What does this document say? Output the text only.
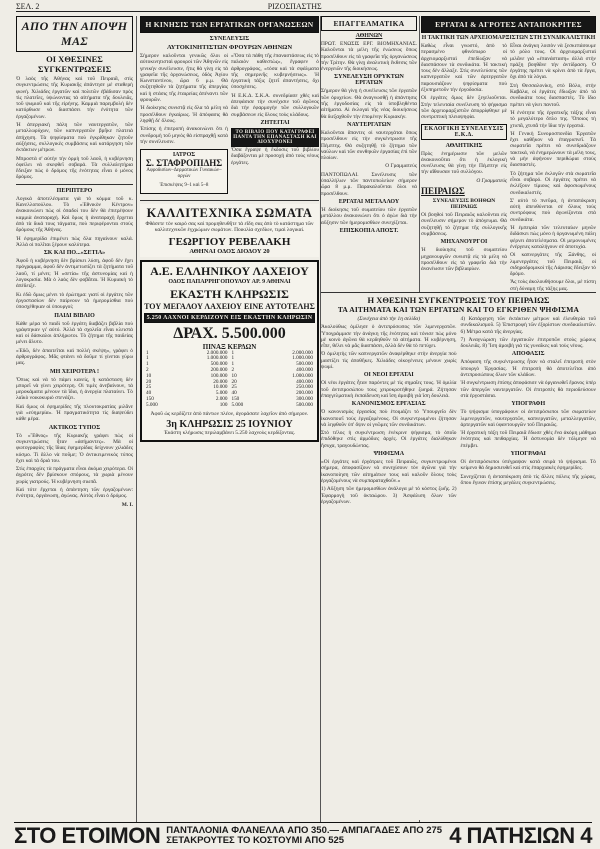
ΣΕΛ. 2	ΡΙΖΟΣΠΑΣΤΗΣ
ΑΠΟ ΤΗΝ ΑΠΟΨΗ ΜΑΣ
ΟΙ ΧΘΕΣΙΝΕΣ ΣΥΓΚΕΝΤΡΩΣΕΙΣ
Ὁ λαὸς τῆς Ἀθήνας καὶ τοῦ Πειραιᾶ, στὶς συγκεντρώσεις τῆς Κυριακῆς ἀπάντησε μὲ σταθερὴ φωνή. Χιλιάδες ἐργατῶν καὶ πολιτῶν ἐβάδισαν πρὸς τὶς πλατεῖες, ὑψώνοντας τὰ αἰτήματα τῆς δουλειᾶς, τοῦ ψωμιοῦ καὶ τῆς εἰρήνης. Καμμιὰ παρεμβολὴ δὲν κατόρθωσε νὰ διασπάσει τὴν ἑνότητα τῶν ἐργαζομένων.
Ἡ ἀπεργιακὴ πάλη τῶν ναυτεργατῶν, τῶν μεταλλωρύχων, τῶν καπνεργατῶν βρῆκε πλατειὰ ἀπήχηση. Τὰ ψηφίσματα ποὺ ἐγκρίθηκαν ζητοῦν αὐξήσεις, συλλογικὲς συμβάσεις καὶ κατάργηση τῶν ἐκτάκτων μέτρων.
Μπροστὰ σ' αὐτὴν τὴν ὁρμὴ τοῦ λαοῦ, ἡ κυβέρνηση ὀφείλει νὰ σκεφθεῖ σοβαρά. Τὰ συλλαλητήρια ἔδειξαν πὼς ὁ δρόμος τῆς ἑνότητας εἶναι ὁ μόνος δρόμος.
ΠΕΡΙΠΤΕΡΟ
Λογικὰ ἀποτελέσματα γιὰ τὸ κόμμα τοῦ κ. Κανελλοπούλου. Τὸ «Ἐθνικὸν Κέντρον» ἀνακοινώνει πὼς οἱ ὀπαδοί του δὲν θὰ ἐπιτρέψουν καμμιὰ ἀναταραχή. Καὶ ὅμως ἡ ἀναταραχὴ ἔρχεται ἀπὸ τὰ δικά τους τάγματα, ποὺ περιφέρονται στοὺς δρόμους τῆς Ἀθήνας.
Ἡ ἐφημερίδα ἐπιμένει πὼς ὅλα πηγαίνουν καλά. Ἀλλὰ οἱ πολῖται ξέρουν καλύτερα.
ΣΚ ΚΑΙ ΠΟ...«ΣΕΤΙΑ»
Ἀφοῦ ἡ κυβέρνηση δὲν βρίσκει λύση, ἀφοῦ δὲν ἔχει πρόγραμμα, ἀφοῦ δὲν ἀντιμετωπίζει τὰ ζητήματα τοῦ λαοῦ, τί μένει; Ἡ «σετία» τῆς ἀστυνομίας καὶ ἡ λογοκρισία. Μὰ ὁ λαὸς δὲν φοβᾶται. Ἡ Κυριακὴ τὸ ἀπέδειξε.
Κι ἐδῶ ὅμως μένει τὸ ἐρώτημα: γιατί οἱ ἐργάτες τῶν ἐργοστασίων δὲν παίρνουν τὰ ἡμερομίσθια ποὺ ὑποσχέθηκαν οἱ ὑπουργοί;
ΠΑΙΔΙ ΒΙΒΛΙΟ
Κάθε μέρα τὸ παιδὶ τοῦ ἐργάτη διαβάζει βιβλία ποὺ γράφτηκαν γι' αὐτό. Ἀλλὰ τὰ σχολεῖα εἶναι κλειστὰ καὶ οἱ δάσκαλοι ἀπλήρωτοι. Τὸ ζήτημα τῆς παιδείας μένει ἄλυτο.
«Ἐδῶ, δὲν ἀπαιτεῖται καὶ πολλὴ σκέψη», γράφει ὁ ἀρθρογράφος. Μᾶς φτάνει νὰ δοῦμε τί γίνεται γύρω μας.
ΜΗ ΧΕΙΡΟΤΕΡΑ !
Ὅπως καὶ νὰ τὸ πάρει κανείς, ἡ κατάσταση δὲν μπορεῖ νὰ γίνει χειρότερη. Οἱ τιμὲς ἀνεβαίνουν, τὰ μεροκάματα μένουν τὰ ἴδια, ἡ ἀνεργία πλαταίνει. Τὸ λαϊκὸ νοικοκυριὸ στενάζει.
Καὶ ὅμως οἱ ἐφημερίδες τῆς πλουτοκρατίας μιλᾶνε γιὰ «εὐημερία». Ἡ πραγματικότητα τὶς διαψεύδει κάθε μέρα.
ΑΚΤΙΚΟΣ ΤΥΠΟΣ
Τὸ «Ἔθνος» τῆς Κυριακῆς γράφει πὼς οἱ συγκεντρώσεις ἦταν «ἀσήμαντες». Μὰ οἱ φωτογραφίες τῆς ἴδιας ἐφημερίδας δείχνουν χιλιάδες κόσμο. Τί ἄλλο νὰ ποῦμε; Ὁ ἀντικειμενικὸς τύπος ἔχει καὶ τὰ ὅριά του.
Στὶς ἐπαρχίες τὰ πράγματα εἶναι ἀκόμα χειρότερα. Οἱ ἀγρότες δὲν βρίσκουν σπόρους, τὰ χωριὰ μένουν χωρὶς γιατρούς. Ἡ κυβέρνηση σιωπᾶ.
Καὶ τότε ἔρχεται ἡ ἀπάντηση τῶν ἐργαζομένων: ἑνότητα, ὀργάνωση, ἀγώνας. Αὐτὸς εἶναι ὁ δρόμος.
Μ. Ι.
Η ΚΙΝΗΣΙΣ ΤΩΝ ΕΡΓΑΤΙΚΩΝ ΟΡΓΑΝΩΣΕΩΝ
ΣΥΝΕΛΕΥΣΙΣ
ΑΥΤΟΚΙΝΗΤΙΣΤΩΝ ΦΡΟΥΡΩΝ ΑΘΗΝΩΝ
Σήμερον καλοῦνται γενικῶς ὅλοι οἱ αὐτοκινητισταὶ φρουροὶ τῶν Ἀθηνῶν εἰς γενικὴν συνέλευσιν, ἥτις θὰ γίνῃ εἰς τὰ γραφεῖα τῆς ὀργανώσεως, ὁδὸς Ἀγίου Κωνσταντίνου, ὥρα 6 μ.μ. Θὰ συζητηθοῦν τὰ ζητήματα τῆς ἀπεργίας καὶ ἡ στάσις τῆς ἑταιρείας ἀπέναντι τῶν φρουρῶν.
Ἡ διοίκησις συνιστᾷ εἰς ὅλα τὰ μέλη νὰ προσέλθουν ἐγκαίρως. Ἡ ἀπόφασις θὰ ληφθῇ δι' ὅλους.
Ἐπίσης ἡ ἐπιτροπὴ ἀνακοινώνει ὅτι ἡ συνδρομὴ τοῦ μηνὸς θὰ εἰσπραχθῇ κατὰ τὴν συνέλευσιν.
ΙΑΤΡΟΣ
Σ. ΣΤΑΦΡΟΠΙΔΗΣ
Αφροδισίων–Δερματικών Γυναικών–οργών
Ἐπισκέψεις 9–1 καὶ 5–8
«Ὅσα τὰ πάθη τῆς ἐπαναστάσεως εἰς τὸ παλαιὸν καθεστὼς», ἔγραφεν ὁ ἀρθρογράφος, «τόσα καὶ τὰ σφάλματα τῆς σημερινῆς κυβερνήσεως». Ἡ ἐργατικὴ τάξις ζητεῖ ἀπαντήσεις, ὄχι ὑποσχέσεις.
Ἡ Ε.Κ.Δ. Σ.Κ.Α. συνεδρίασε χθὲς καὶ ἀπεφάσισε τὴν συνέχισιν τοῦ ἀγῶνος διὰ τὴν ἐφαρμογὴν τῶν συλλογικῶν συμβάσεων εἰς ὅλους τοὺς κλάδους.
ΖΗΤΕΙΤΑΙ
ΤΟ ΒΙΒΛΙΟ ΠΟΥ ΚΑΤΑΓΡΑΦΕΙ ΠΑΝΤΑ ΤΗΝ ΕΠΑΝΑΣΤΑΣΗ ΚΑΙ ΔΙΟΧΥΡΟΝΕΙ
Ὅσα ἔγραψε ἡ ἔκδοσις τοῦ βιβλίου διαβάζονται μὲ προσοχή ἀπὸ τοὺς νέους ἐργάτες.
ΚΑΛΛΙΤΕΧΝΙΚΑ ΣΩΜΑΤΑ
Φθάσετε τὸν καιρὸ σας καὶ προμηθευθῆτε τὰ εἴδη σας ἀπὸ τὸ κατάστημα τῶν καλλιτεχνικῶν ἐγχρώμων σωμάτων. Ποικιλία σχεδίων, τιμαὶ λογικαί.
ΓΕΩΡΓΙΟΥ ΡΕΒΕΛΑΚΗ
ΑΘΗΝΑΙ ΟΔΟΣ ΔΙΟΔΟΥ 20
Α.Ε. ΕΛΛΗΝΙΚΟΥ ΛΑΧΕΙΟΥ
ΟΔΟΣ ΠΑΠΑΡΡΗΓΟΠΟΥΛΟΥ ΑΡ. 9 ΑΘΗΝΑΙ
ΕΚΑΣΤΗ ΚΛΗΡΩΣΙΣ
ΤΟΥ ΜΕΓΑΛΟΥ ΛΑΧΕΙΟΥ ΕΙΝΕ ΑΥΤΟΤΕΛΗΣ
5.250 ΛΑΧΝΟΙ ΚΕΡΔΙΖΟΥΝ ΕΙΣ ΕΚΑΣΤΗΝ ΚΛΗΡΩΣΙΝ
ΔΡΑΧ. 5.500.000
ΠΙΝΑΞ ΚΕΡΔΩΝ
1	2.000.000	1	2.000.000
1	1.000.000	1	1.000.000
1	500.000	1	500.000
2	200.000	2	400.000
10	100.000	10	1.000.000
20	20.000	20	400.000
25	10.000	25	250.000
40	5.000	40	200.000
150	2.000	150	300.000
5.000	100	5.000	500.000
Ἀφοῦ ὡς κερδίζετε ἀπὸ πάντων πλέον, ἀγοράσατε λαχεῖον ἀπὸ σήμερον.
3η ΚΛΗΡΩΣΙΣ 25 ΙΟΥΝΙΟΥ
Ἐκάστη κλήρωσις περιλαμβάνει 5.250 λαχνοὺς κερδίζοντας.
ΕΠΑΓΓΕΛΜΑΤΙΚΑ
ΑΘΗΝΩΝ
ΠΡΩΤ. ΕΝΩΣΙΣ ΕΡΓ. ΒΙΟΜΗΧΑΝΙΑΣ. Καλοῦνται τὰ μέλη τῆς ἑνώσεως ὅπως προσέλθουν εἰς τὰ γραφεῖα τῆς ὀργανώσεως τὴν Τρίτην. Θὰ γίνῃ ἀναλυτικὴ ἔκθεσις τῶν ἐνεργειῶν τῆς διοικήσεως.
ΣΥΝΕΛΕΥΣΗ ΟΡΥΚΤΩΝ ΕΡΓΑΤΩΝ
Σήμερον θὰ γίνῃ ἡ συνέλευσις τῶν ἐργατῶν τῶν ὀρυχείων. Θὰ ἀναγνωσθῇ ἡ ἀπάντησις τῆς ἐργοδοσίας εἰς τὰ ὑποβληθέντα αἰτήματα. Αἱ ἐκλογαὶ τῆς νέας διοικήσεως θὰ διεξαχθοῦν τὴν ἑπομένην Κυριακήν.
ΝΑΥΤΕΡΓΑΤΩΝ
Καλοῦνται ἅπαντες οἱ ναυτεργάται ὅπως προσέλθουν εἰς τὴν συγκέντρωσιν τῆς Πέμπτης. Θὰ συζητηθῇ τὸ ζήτημα τῶν ναύλων καὶ τῶν συνθηκῶν ἐργασίας ἐπὶ τῶν πλοίων.
Ο Γραμματεύς
ΠΑΝΤΟΠΩΛΑΙ. Συνέλευσις τῶν ὑπαλλήλων τῶν παντοπωλείων σήμερον ὥρα 8 μ.μ. Παρακαλοῦνται ὅλοι νὰ προσέλθουν.
ΕΡΓΑΤΑΙ ΜΕΤΑΛΛΟΥ
Ἡ διοίκησις τοῦ σωματείου τῶν ἐργατῶν μετάλλου ἀνακοινώνει ὅτι ὁ ἀγὼν διὰ τὴν αὔξησιν τῶν ἡμερομισθίων συνεχίζεται.
ΕΠΙΣΚΟΠΙΑ ΑΠΟΣΤ.
ΕΡΓΑΤΑΙ & ΑΓΡΟΤΕΣ ΑΝΤΑΠΟΚΡΙΤΕΣ
Η ΤΑΚΤΙΚΗ ΤΩΝ ΑΡΧΕΙΟΜΑΡΞΙΣΤΩΝ ΣΤΗ ΣΥΝΔΙΚΑΛΙΣΤΙΚΗ
Καθὼς εἶναι γνωστό, ἀπὸ τὸ περασμένο φθινόπωρο οἱ ἀρχειομαρξισταὶ ἐπεδίωξαν νὰ διασπάσουν τὰ συνδικάτα. Ἡ τακτική τους δὲν ἄλλαξε. Στὶς συνελεύσεις τῶν καπνεργατῶν καὶ τῶν ἀρτεργατῶν παρουσιάζουν ψηφίσματα ποὺ ἐξυπηρετοῦν τὴν ἐργοδοσία.
Οἱ ἐργάτες ὅμως δὲν ξεγελιοῦνται. Στὴν τελευταία συνέλευση τὸ ψήφισμα τῶν ἀρχειομαρξιστῶν ἀπορρίφθηκε μὲ συντριπτικὴ πλειοψηφία.
ΕΚΛΟΓΙΚΗ ΣΥΝΕΛΕΥΣΙΣ Ε.Κ.Δ.
ΑΘΛΗΤΙΚΗΣ
Πρὸς ἐνημέρωσιν τῶν μελῶν ἀνακοινοῦται ὅτι ἡ ἐκλογικὴ συνέλευσις θὰ γίνῃ τὴν Πέμπτην εἰς τὴν αἴθουσαν τοῦ συλλόγου.
Ο Γραμματεύς
ΠΕΙΡΑΙΩΣ
ΣΥΝΕΛΕΥΣΙΣ ΒΟΗΘΩΝ ΠΕΙΡΑΙΩΣ
Οἱ βοηθοὶ τοῦ Πειραιῶς καλοῦνται εἰς συνέλευσιν σήμερον τὸ ἀπόγευμα. Θὰ συζητηθῇ τὸ ζήτημα τῆς συλλογικῆς συμβάσεως.
ΜΗΧΑΝΟΥΡΓΟΙ
Ἡ διοίκησις τοῦ σωματείου μηχανουργῶν συνιστᾷ εἰς τὰ μέλη νὰ προσέλθουν εἰς τὰ γραφεῖα διὰ τὴν ἀνανέωσιν τῶν βιβλιαρίων.
Εἶναι ἀνάγκη λοιπὸν νὰ ξεσκεπάσουμε τὸ ρόλο τους. Οἱ ἀρχειομαρξισταὶ μιλᾶνε γιὰ «ἐπανάσταση» ἀλλὰ στὴν πράξη βοηθᾶνε τὴν ἀντίδραση. Ὁ ἐργάτης πρέπει νὰ κρίνει ἀπὸ τὰ ἔργα, ὄχι ἀπὸ τὰ λόγια.
Στὴ Θεσσαλονίκη, στὸ Βόλο, στὴν Καβάλα, οἱ ἐργάτες ἔδιωξαν ἀπὸ τὰ συνδικάτα τους διασπαστές. Τὸ ἴδιο πρέπει νὰ γίνει παντοῦ.
Ἡ ἑνότητα τῆς ἐργατικῆς τάξης εἶναι τὸ μεγαλύτερο ὅπλο της. Ὅποιος τὴ χτυπᾶ, χτυπᾶ τὴν ἴδια τὴν ἐργατιά.
Ἡ Γενικὴ Συνομοσπονδία Ἐργατῶν ἔχει καθῆκον νὰ ἐπαγρυπνεῖ. Τὰ σωματεῖα πρέπει νὰ συνεδριάζουν τακτικά, νὰ ἐνημερώνουν τὰ μέλη τους, νὰ μὴν ἀφήνουν περιθώρια στοὺς διασπαστές.
Τὸ ζήτημα τῶν ἐκλογῶν στὰ σωματεῖα εἶναι σοβαρό. Οἱ ἐργάτες πρέπει νὰ ἐκλέξουν τίμιους καὶ ἀφοσιωμένους συνδικαλιστές.
Σ' αὐτὸ τὸ πνεῦμα, ἡ ἀνταπόκριση αὐτὴ ἀπευθύνεται σὲ ὅλους τοὺς συντρόφους ποὺ ἀγωνίζονται στὰ συνδικάτα.
Ἡ ἐμπειρία τῶν τελευταίων μηνῶν διδάσκει πὼς μόνο ἡ ὀργανωμένη πάλη φέρνει ἀποτελέσματα. Οἱ μεμονωμένες ἐνέργειες καταλήγουν σὲ ἀποτυχία.
Οἱ καπνεργάτες τῆς Ξάνθης, οἱ λιμενεργάτες τοῦ Πειραιᾶ, οἱ σιδηροδρομικοὶ τῆς Λάρισας ἔδειξαν τὸ δρόμο.
Ἂς τοὺς ἀκολουθήσουμε ὅλοι, μὲ πίστη στὴ δύναμη τῆς τάξης μας.
Η ΧΘΕΣΙΝΗ ΣΥΓΚΕΝΤΡΩΣΙΣ ΤΟΥ ΠΕΙΡΑΙΩΣ
ΤΑ ΑΙΤΗΜΑΤΑ ΚΑΙ ΤΩΝ ΕΡΓΑΤΩΝ ΚΑΙ ΤΟ ΕΓΚΡΙΘΕΝ ΨΗΦΙΣΜΑ
(Συνέχεια ἀπὸ τὴν 1η σελίδα)
Ἀκολούθως ὁμίλησε ὁ ἀντιπρόσωπος τῶν λιμενεργατῶν. Ὑπογράμμισε τὴν ἀνάγκη τῆς ἑνότητας καὶ τόνισε πὼς μόνο μὲ κοινὸ ἀγῶνα θὰ κερδηθοῦν τὰ αἰτήματα. Ἡ κυβέρνηση, εἶπε, θέλει νὰ μᾶς διασπάσει, ἀλλὰ δὲν θὰ τὸ πετύχει.
Ὁ ὁμιλητὴς τῶν καπνεργατῶν ἀναφέρθηκε στὴν ἀνεργία ποὺ μαστίζει τὶς ἀποθῆκες. Χιλιάδες οἰκογένειες μένουν χωρὶς ψωμί.
ΟΙ ΝΕΟΙ ΕΡΓΑΤΑΙ
Οἱ νέοι ἐργάτες ἦταν παρόντες μὲ τὶς σημαῖες τους. Ἡ ὁμιλία τοῦ ἀντιπροσώπου τους χειροκροτήθηκε ζωηρά. Ζήτησαν ἐπαγγελματικὴ ἐκπαίδευση καὶ ἴση ἀμοιβὴ γιὰ ἴση δουλειά.
ΚΑΝΟΝΙΣΜΟΣ ΕΡΓΑΣΙΑΣ
Ὁ κανονισμὸς ἐργασίας ποὺ ἑτοιμάζει τὸ Ὑπουργεῖο δὲν ἱκανοποιεῖ τοὺς ἐργαζομένους. Οἱ συγκεντρωμένοι ζήτησαν νὰ ληφθοῦν ὑπ' ὄψιν οἱ γνῶμες τῶν συνδικάτων.
Στὸ τέλος ἡ συγκέντρωση ἐνέκρινε ψήφισμα, τὸ ὁποῖο ἐπιδόθηκε στὶς ἀρμόδιες ἀρχές. Οἱ ἐργάτες διαλύθηκαν ἥσυχα, τραγουδώντας.
ΨΗΦΙΣΜΑ
«Οἱ ἐργάτες καὶ ἐργάτριες τοῦ Πειραιῶς, συγκεντρωμένοι σήμερα, ἀποφασίζουν νὰ συνεχίσουν τὸν ἀγῶνα γιὰ τὴν ἱκανοποίηση τῶν αἰτημάτων τους καὶ καλοῦν ὅλους τοὺς ἐργαζομένους νὰ συμπαραταχθοῦν.»
1) Αὔξηση τῶν ἡμερομισθίων ἀνάλογα μὲ τὸ κόστος ζωῆς. 2) Ἐφαρμογὴ τοῦ ὀκταώρου. 3) Ἀσφάλιση ὅλων τῶν ἐργαζομένων.
4) Κατάργηση τῶν ἐκτάκτων μέτρων καὶ ἐλευθερία τοῦ συνδικαλισμοῦ. 5) Ἐπιστροφὴ τῶν ἐξορίστων συνδικαλιστῶν. 6) Μέτρα κατὰ τῆς ἀνεργίας.
7) Ἀναγνώριση τῶν ἐργατικῶν ἐπιτροπῶν στοὺς χώρους δουλειᾶς. 8) Ἴση ἀμοιβὴ γιὰ τὶς γυναῖκες καὶ τοὺς νέους.
ΑΠΟΦΑΣΙΣ
Ἀπόφαση τῆς συγκέντρωσης ἦταν νὰ σταλεῖ ἐπιτροπὴ στὸν ὑπουργὸ Ἐργασίας. Ἡ ἐπιτροπὴ θὰ ἀποτελεῖται ἀπὸ ἀντιπροσώπους ὅλων τῶν κλάδων.
Ἡ συγκέντρωση ἐπίσης ἀποφάσισε νὰ ὀργανωθεῖ ἔρανος ὑπὲρ τῶν ἀπεργῶν ναυτεργατῶν. Οἱ ἐπιτροπὲς θὰ περιοδεύσουν στὰ ἐργοστάσια.
ΥΠΟΓΡΑΦΗ
Τὸ ψήφισμα ὑπογράφουν οἱ ἀντιπρόσωποι τῶν σωματείων λιμενεργατῶν, ναυτεργατῶν, καπνεργατῶν, μεταλλεργατῶν, ἀρτεργατῶν καὶ ὑφαντουργῶν τοῦ Πειραιῶς.
Ἡ ἐργατικὴ τάξη τοῦ Πειραιᾶ ἔδωσε χθὲς ἕνα ἀκόμη μάθημα ἑνότητας καὶ πειθαρχίας. Ἡ ἀστυνομία δὲν τόλμησε νὰ ἐπέμβει.
ΥΠΟΓΡΑΦΑΙ
Οἱ ἀντιπρόσωποι ὑπέγραψαν κατὰ σειρὰ τὸ ψήφισμα. Τὸ κείμενο θὰ δημοσιευθεῖ καὶ στὶς ἐπαρχιακὲς ἐφημερίδες.
Συνεχίζεται ἡ ἀνταπόκριση ἀπὸ τὶς ἄλλες πόλεις τῆς χώρας, ὅπου ἔγιναν ἐπίσης μεγάλες συγκεντρώσεις.
ΣΤΟ ΕΤΟΙΜΟΝ ΠΑΝΤΑΛΟΝΙΑ ΦΛΑΝΕΛΛΑ ΑΠΟ 350.— ΑΜΠΑΓΑΔΕΣ ΑΠΟ 275
ΣΕΤΑΚΡΟΥΤΕΣ ΤΟ ΚΟΣΤΟΥΜΙ ΑΠΟ 525	4 ΠΑΤΗΣΙΩΝ 4
